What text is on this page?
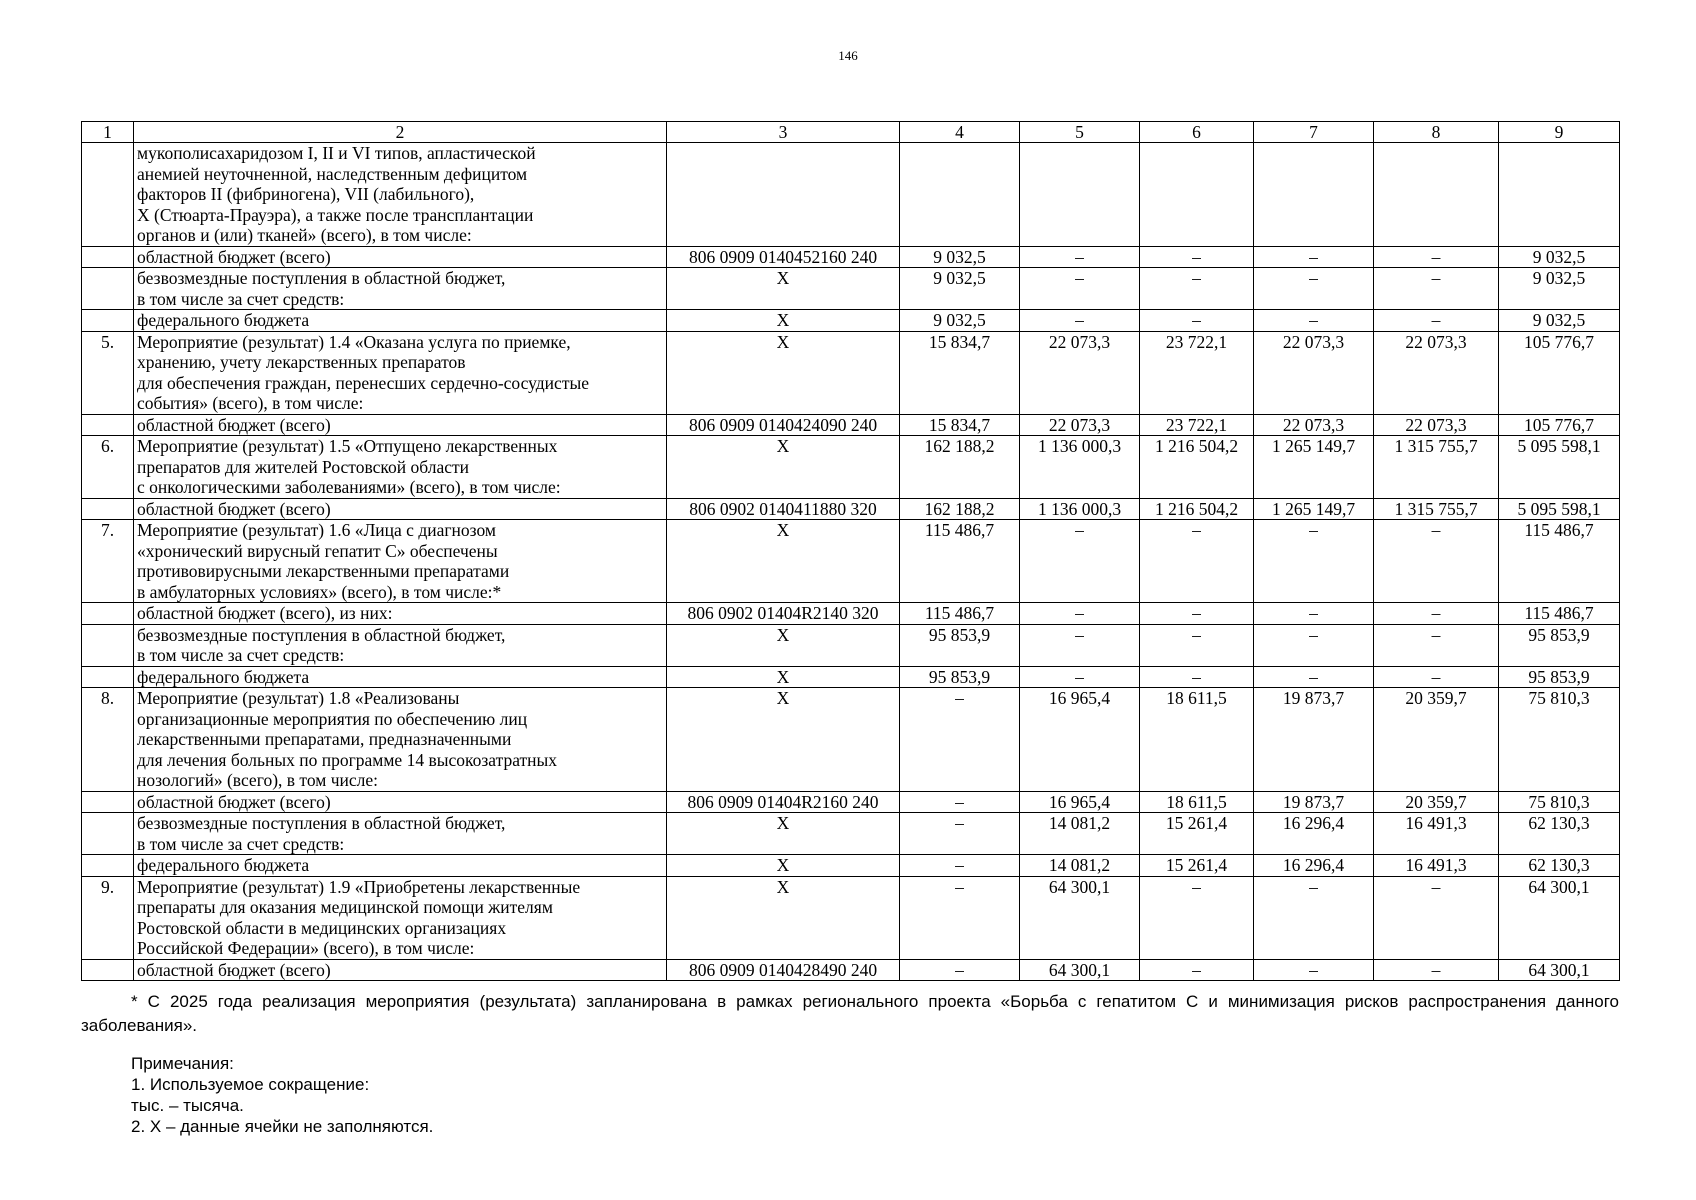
146
1	2	3	4	5	6	7	8	9
	мукополисахаридозом I, II и VI типов, апластической
анемией неуточненной, наследственным дефицитом
факторов II (фибриногена), VII (лабильного),
X (Стюарта-Прауэра), а также после трансплантации
органов и (или) тканей» (всего), в том числе:							
	областной бюджет (всего)	806 0909 0140452160 240	9 032,5	–	–	–	–	9 032,5
	безвозмездные поступления в областной бюджет,
в том числе за счет средств:	X	9 032,5	–	–	–	–	9 032,5
	федерального бюджета	X	9 032,5	–	–	–	–	9 032,5
5.	Мероприятие (результат) 1.4 «Оказана услуга по приемке,
хранению, учету лекарственных препаратов
для обеспечения граждан, перенесших сердечно-сосудистые
события» (всего), в том числе:	X	15 834,7	22 073,3	23 722,1	22 073,3	22 073,3	105 776,7
	областной бюджет (всего)	806 0909 0140424090 240	15 834,7	22 073,3	23 722,1	22 073,3	22 073,3	105 776,7
6.	Мероприятие (результат) 1.5 «Отпущено лекарственных
препаратов для жителей Ростовской области
с онкологическими заболеваниями» (всего), в том числе:	X	162 188,2	1 136 000,3	1 216 504,2	1 265 149,7	1 315 755,7	5 095 598,1
	областной бюджет (всего)	806 0902 0140411880 320	162 188,2	1 136 000,3	1 216 504,2	1 265 149,7	1 315 755,7	5 095 598,1
7.	Мероприятие (результат) 1.6 «Лица с диагнозом
«хронический вирусный гепатит С» обеспечены
противовирусными лекарственными препаратами
в амбулаторных условиях» (всего), в том числе:*	X	115 486,7	–	–	–	–	115 486,7
	областной бюджет (всего), из них:	806 0902 01404R2140 320	115 486,7	–	–	–	–	115 486,7
	безвозмездные поступления в областной бюджет,
в том числе за счет средств:	X	95 853,9	–	–	–	–	95 853,9
	федерального бюджета	X	95 853,9	–	–	–	–	95 853,9
8.	Мероприятие (результат) 1.8 «Реализованы
организационные мероприятия по обеспечению лиц
лекарственными препаратами, предназначенными
для лечения больных по программе 14 высокозатратных
нозологий» (всего), в том числе:	X	–	16 965,4	18 611,5	19 873,7	20 359,7	75 810,3
	областной бюджет (всего)	806 0909 01404R2160 240	–	16 965,4	18 611,5	19 873,7	20 359,7	75 810,3
	безвозмездные поступления в областной бюджет,
в том числе за счет средств:	X	–	14 081,2	15 261,4	16 296,4	16 491,3	62 130,3
	федерального бюджета	X	–	14 081,2	15 261,4	16 296,4	16 491,3	62 130,3
9.	Мероприятие (результат) 1.9 «Приобретены лекарственные
препараты для оказания медицинской помощи жителям
Ростовской области в медицинских организациях
Российской Федерации» (всего), в том числе:	X	–	64 300,1	–	–	–	64 300,1
	областной бюджет (всего)	806 0909 0140428490 240	–	64 300,1	–	–	–	64 300,1
* С 2025 года реализация мероприятия (результата) запланирована в рамках регионального проекта «Борьба с гепатитом С и минимизация рисков распространения данного заболевания».
Примечания:
1. Используемое сокращение:
тыс. – тысяча.
2. X – данные ячейки не заполняются.
